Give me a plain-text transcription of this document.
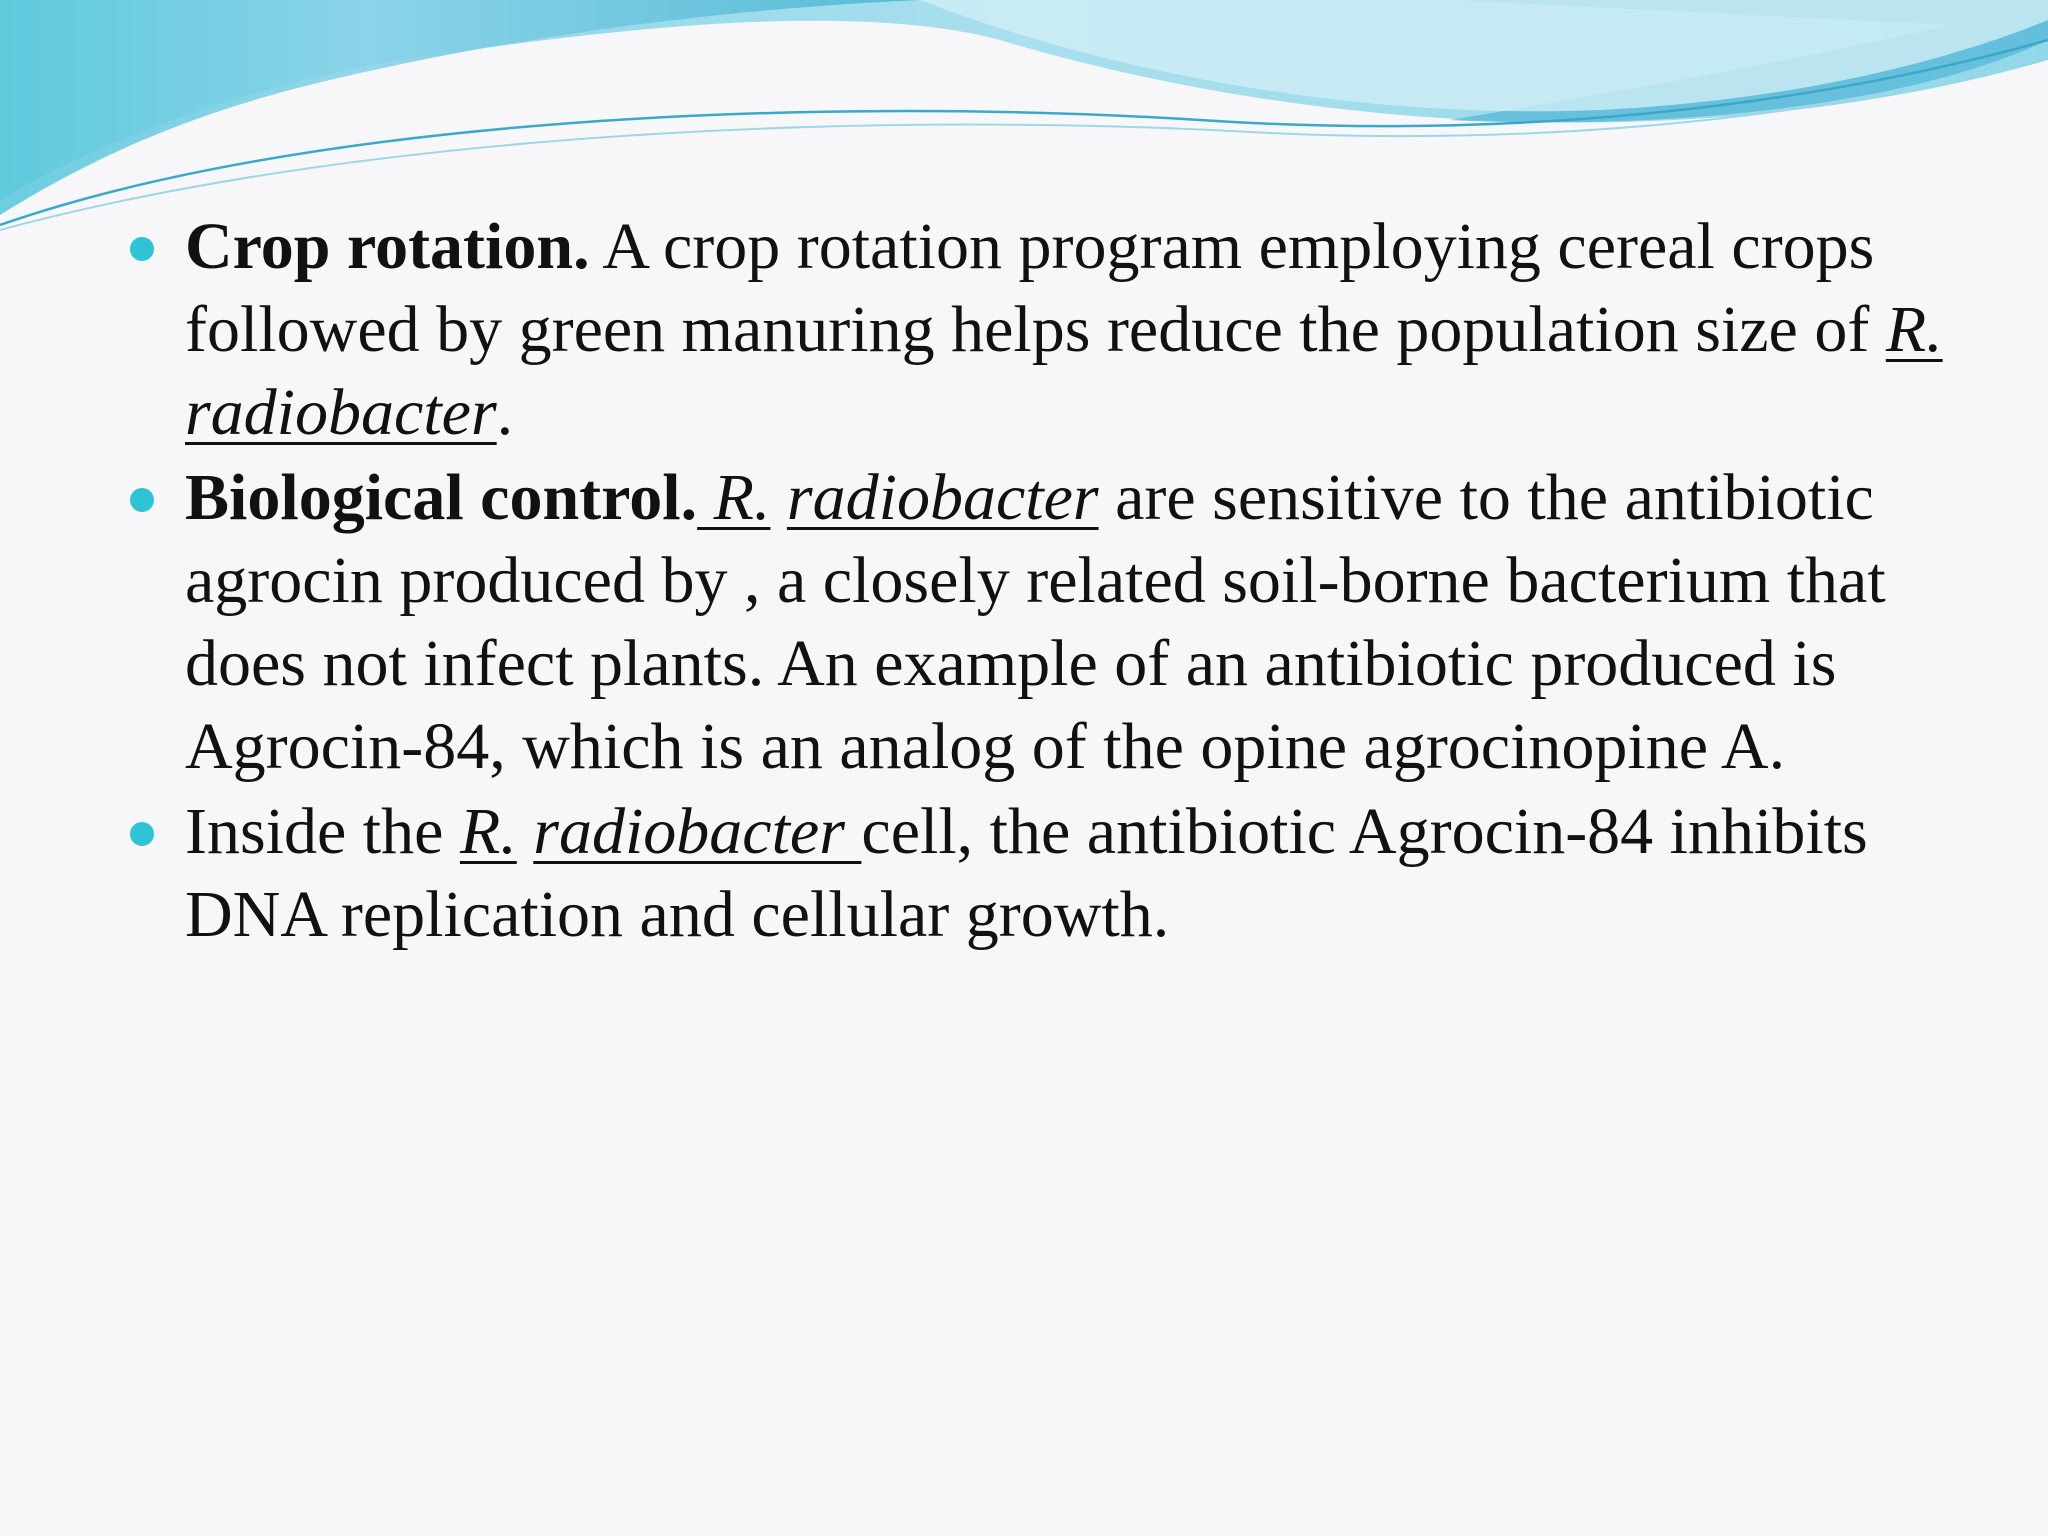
Crop rotation. A crop rotation program employing cereal crops followed by green manuring helps reduce the population size of R. radiobacter.
Biological control. R. radiobacter are sensitive to the antibiotic agrocin produced by , a closely related soil-borne bacterium that does not infect plants. An example of an antibiotic produced is Agrocin-84, which is an analog of the opine agrocinopine A.
Inside the R. radiobacter cell, the antibiotic Agrocin-84 inhibits DNA replication and cellular growth.
